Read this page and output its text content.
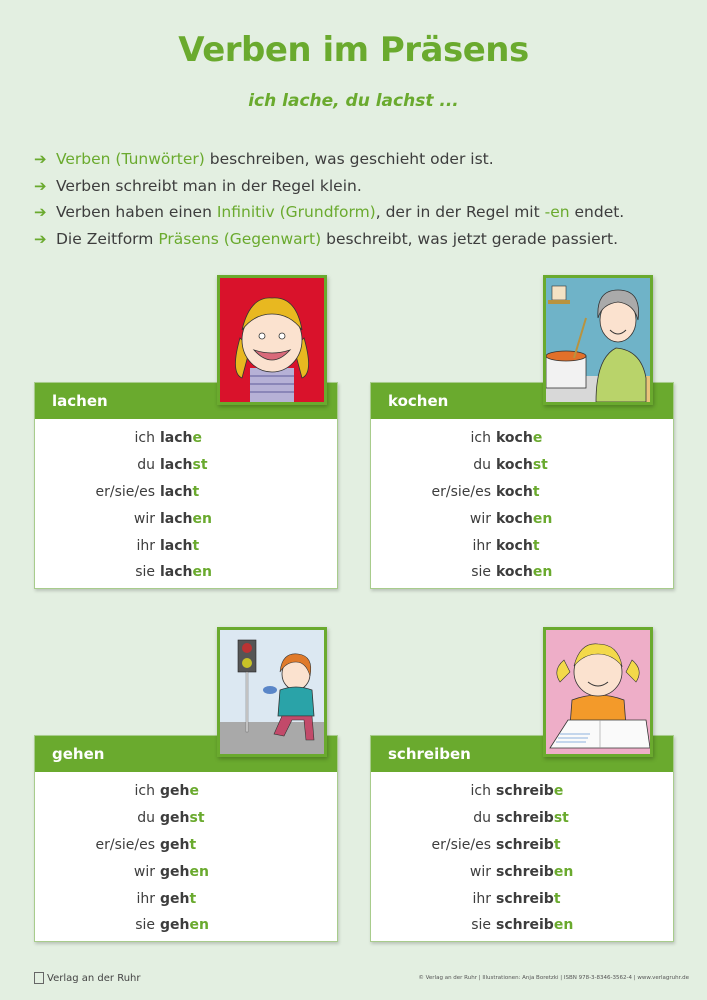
Verben im Präsens
ich lache, du lachst ...
➔ Verben (Tunwörter) beschreiben, was geschieht oder ist.
➔ Verben schreibt man in der Regel klein.
➔ Verben haben einen Infinitiv (Grundform) , der in der Regel mit -en endet.
➔ Die Zeitform Präsens (Gegenwart) beschreibt, was jetzt gerade passiert.
lachen
ich lach e
du lach st
er/sie/es lach t
wir lach en
ihr lach t
sie lach en
kochen
ich koch e
du koch st
er/sie/es koch t
wir koch en
ihr koch t
sie koch en
gehen
ich geh e
du geh st
er/sie/es geh t
wir geh en
ihr geh t
sie geh en
schreiben
ich schreib e
du schreib st
er/sie/es schreib t
wir schreib en
ihr schreib t
sie schreib en
Verlag an der Ruhr	© Verlag an der Ruhr | Illustrationen: Anja Boretzki | ISBN 978-3-8346-3562-4 | www.verlagruhr.de
